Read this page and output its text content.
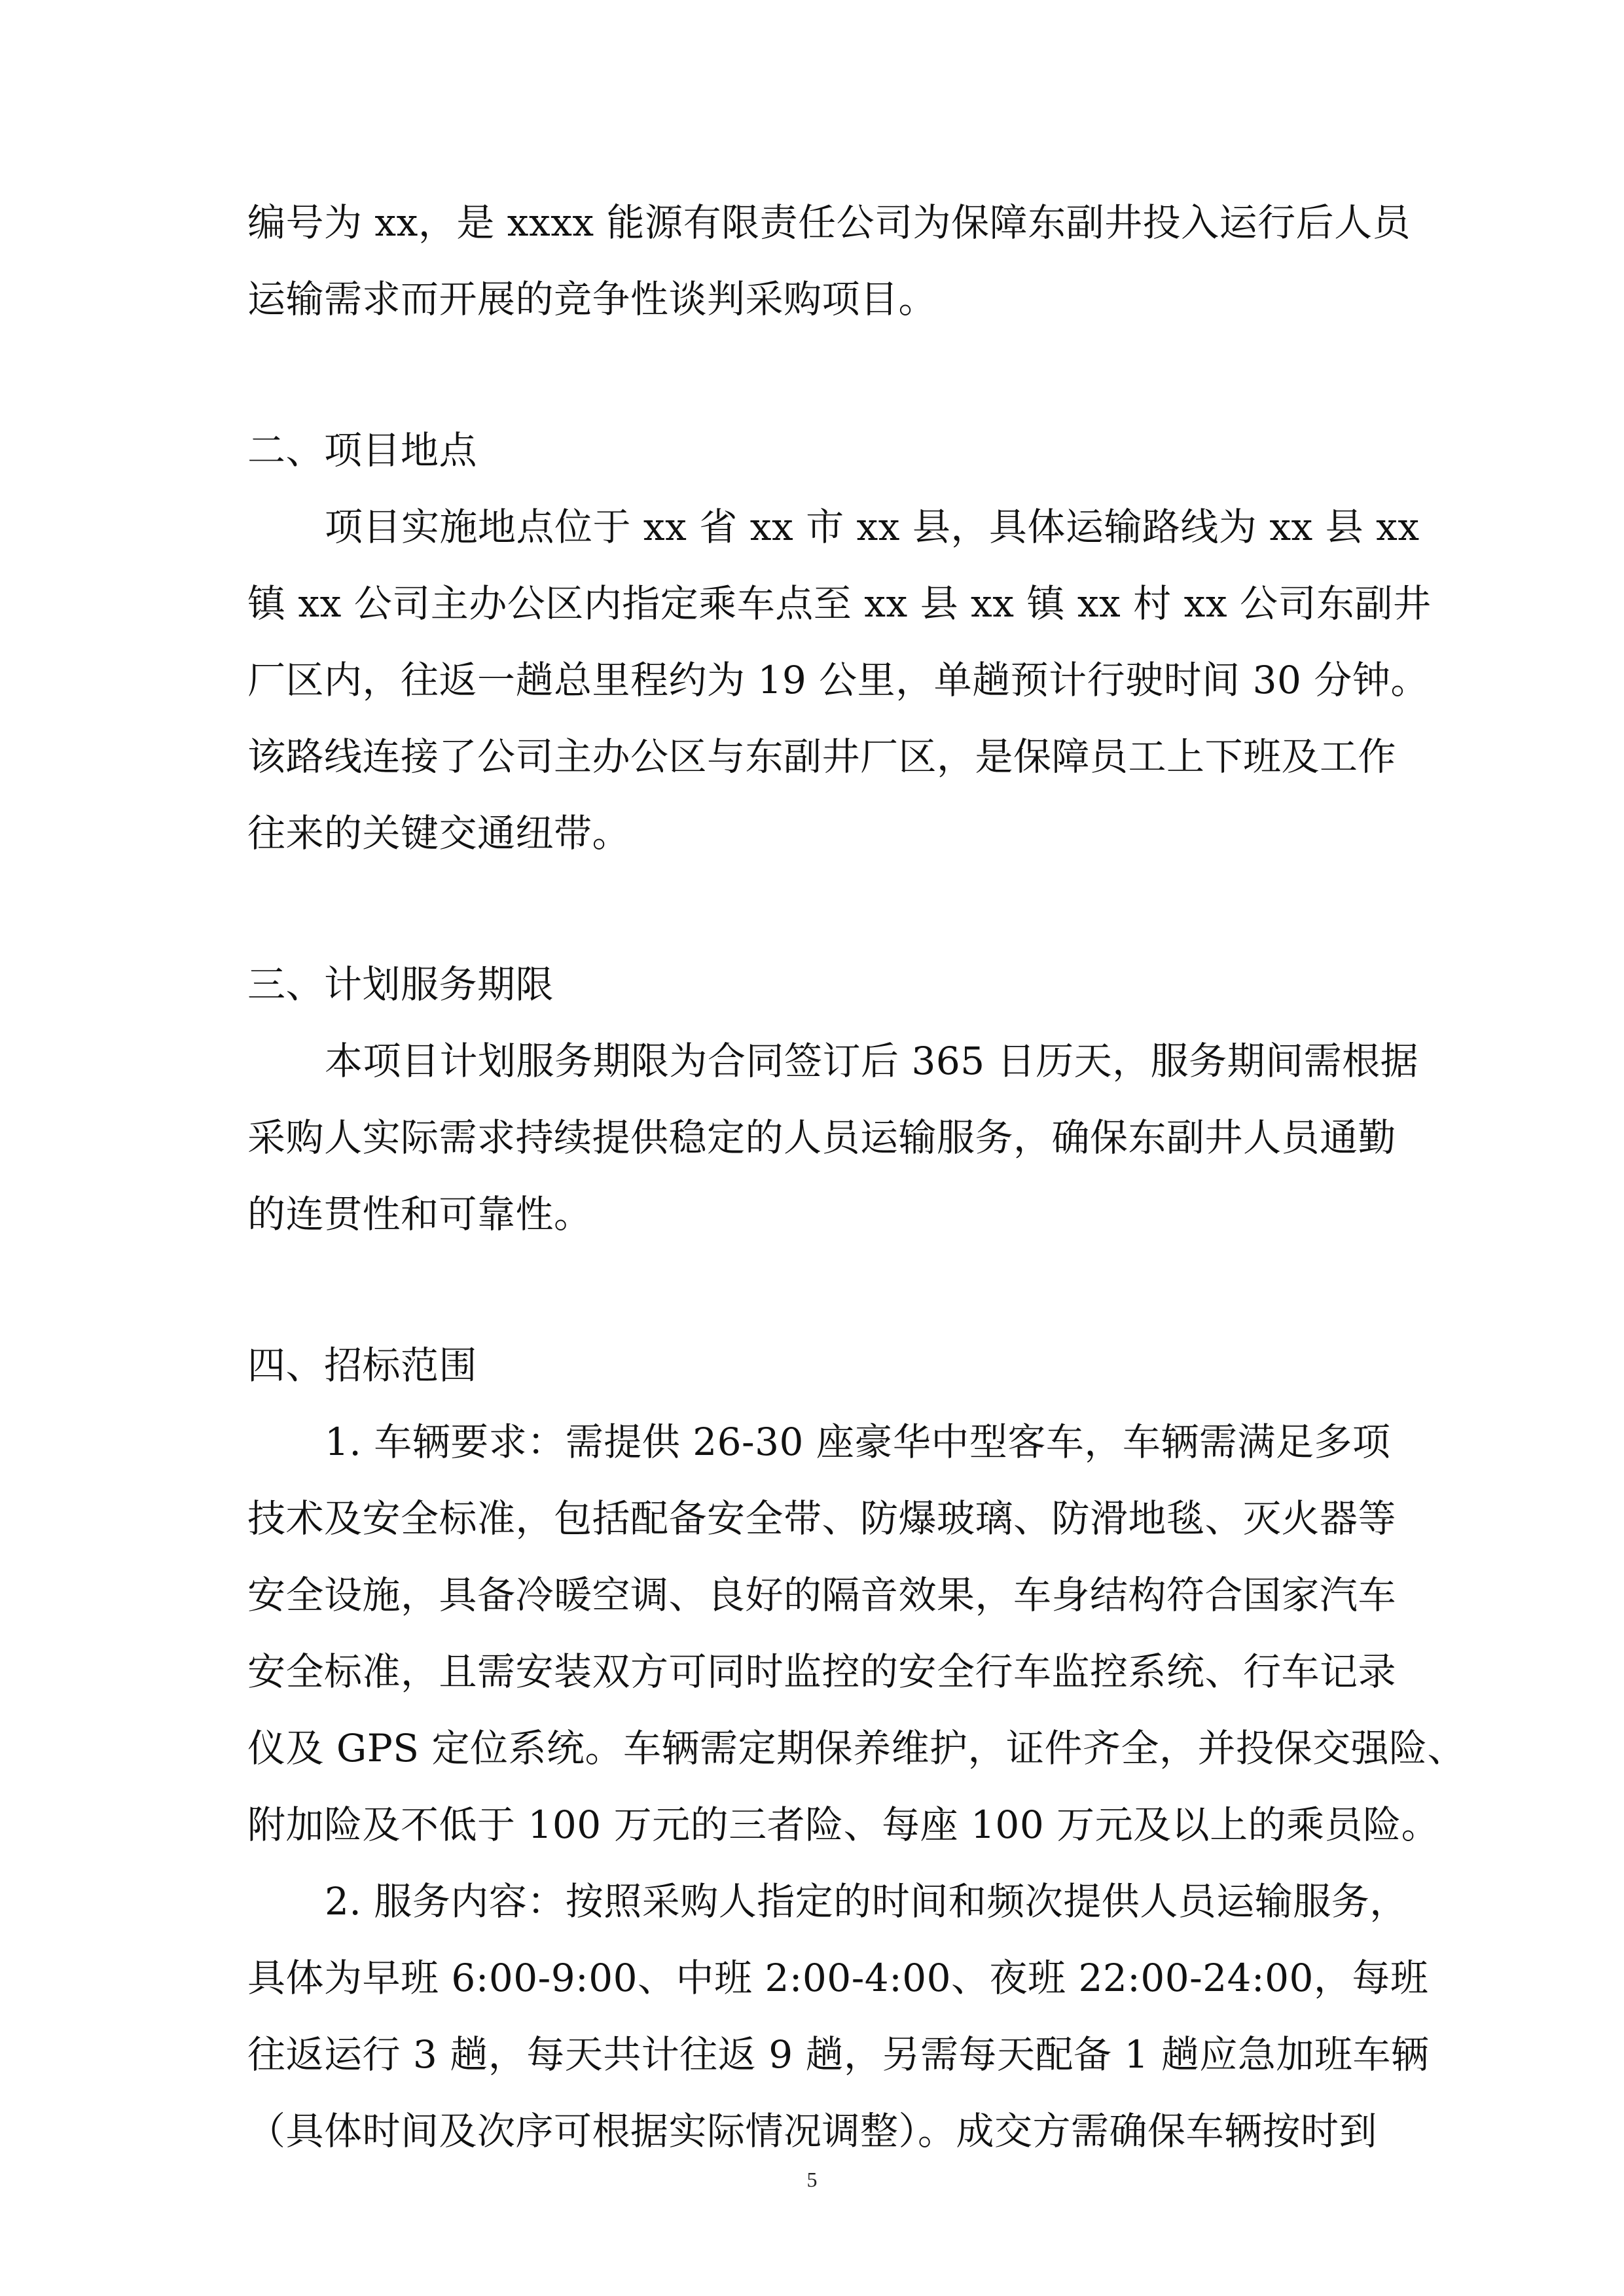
编号为 xx，是 xxxx 能源有限责任公司为保障东副井投入运行后人员
运输需求而开展的竞争性谈判采购项目。
二、项目地点
项目实施地点位于 xx 省 xx 市 xx 县，具体运输路线为 xx 县 xx
镇 xx 公司主办公区内指定乘车点至 xx 县 xx 镇 xx 村 xx 公司东副井
厂区内，往返一趟总里程约为 19 公里，单趟预计行驶时间 30 分钟。
该路线连接了公司主办公区与东副井厂区，是保障员工上下班及工作
往来的关键交通纽带。
三、计划服务期限
本项目计划服务期限为合同签订后 365 日历天，服务期间需根据
采购人实际需求持续提供稳定的人员运输服务，确保东副井人员通勤
的连贯性和可靠性。
四、招标范围
1. 车辆要求：需提供 26-30 座豪华中型客车，车辆需满足多项
技术及安全标准，包括配备安全带、防爆玻璃、防滑地毯、灭火器等
安全设施，具备冷暖空调、良好的隔音效果，车身结构符合国家汽车
安全标准，且需安装双方可同时监控的安全行车监控系统、行车记录
仪及 GPS 定位系统。车辆需定期保养维护，证件齐全，并投保交强险、
附加险及不低于 100 万元的三者险、每座 100 万元及以上的乘员险。
2. 服务内容：按照采购人指定的时间和频次提供人员运输服务，
具体为早班 6:00-9:00、中班 2:00-4:00、夜班 22:00-24:00，每班
往返运行 3 趟，每天共计往返 9 趟，另需每天配备 1 趟应急加班车辆
（具体时间及次序可根据实际情况调整）。成交方需确保车辆按时到
5
